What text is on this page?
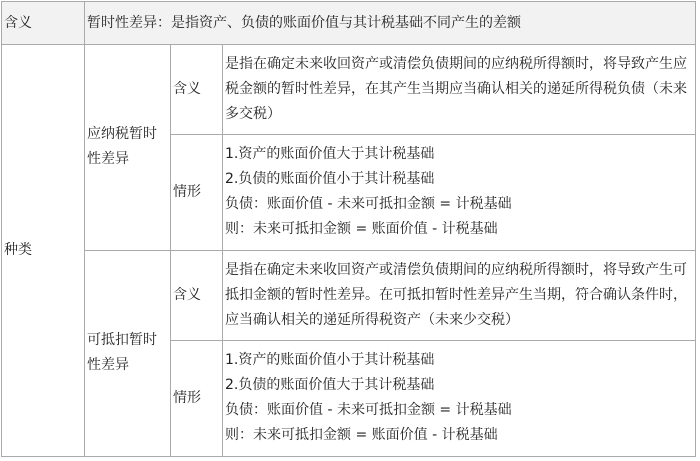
含义	暂时性差异：是指资产、负债的账面价值与其计税基础不同产生的差额		
种类	应纳税暂时性差异	含义	是指在确定未来收回资产或清偿负债期间的应纳税所得额时，将导致产生应税金额的暂时性差异，在其产生当期应当确认相关的递延所得税负债（未来多交税）
		情形	1.资产的账面价值大于其计税基础
2.负债的账面价值小于其计税基础
负债：账面价值 - 未来可抵扣金额 = 计税基础
则：未来可抵扣金额 = 账面价值 - 计税基础

	可抵扣暂时性差异	含义	是指在确定未来收回资产或清偿负债期间的应纳税所得额时，将导致产生可抵扣金额的暂时性差异。在可抵扣暂时性差异产生当期，符合确认条件时，应当确认相关的递延所得税资产（未来少交税）
		情形	1.资产的账面价值小于其计税基础
2.负债的账面价值大于其计税基础
负债：账面价值 - 未来可抵扣金额 = 计税基础
则：未来可抵扣金额 = 账面价值 - 计税基础
